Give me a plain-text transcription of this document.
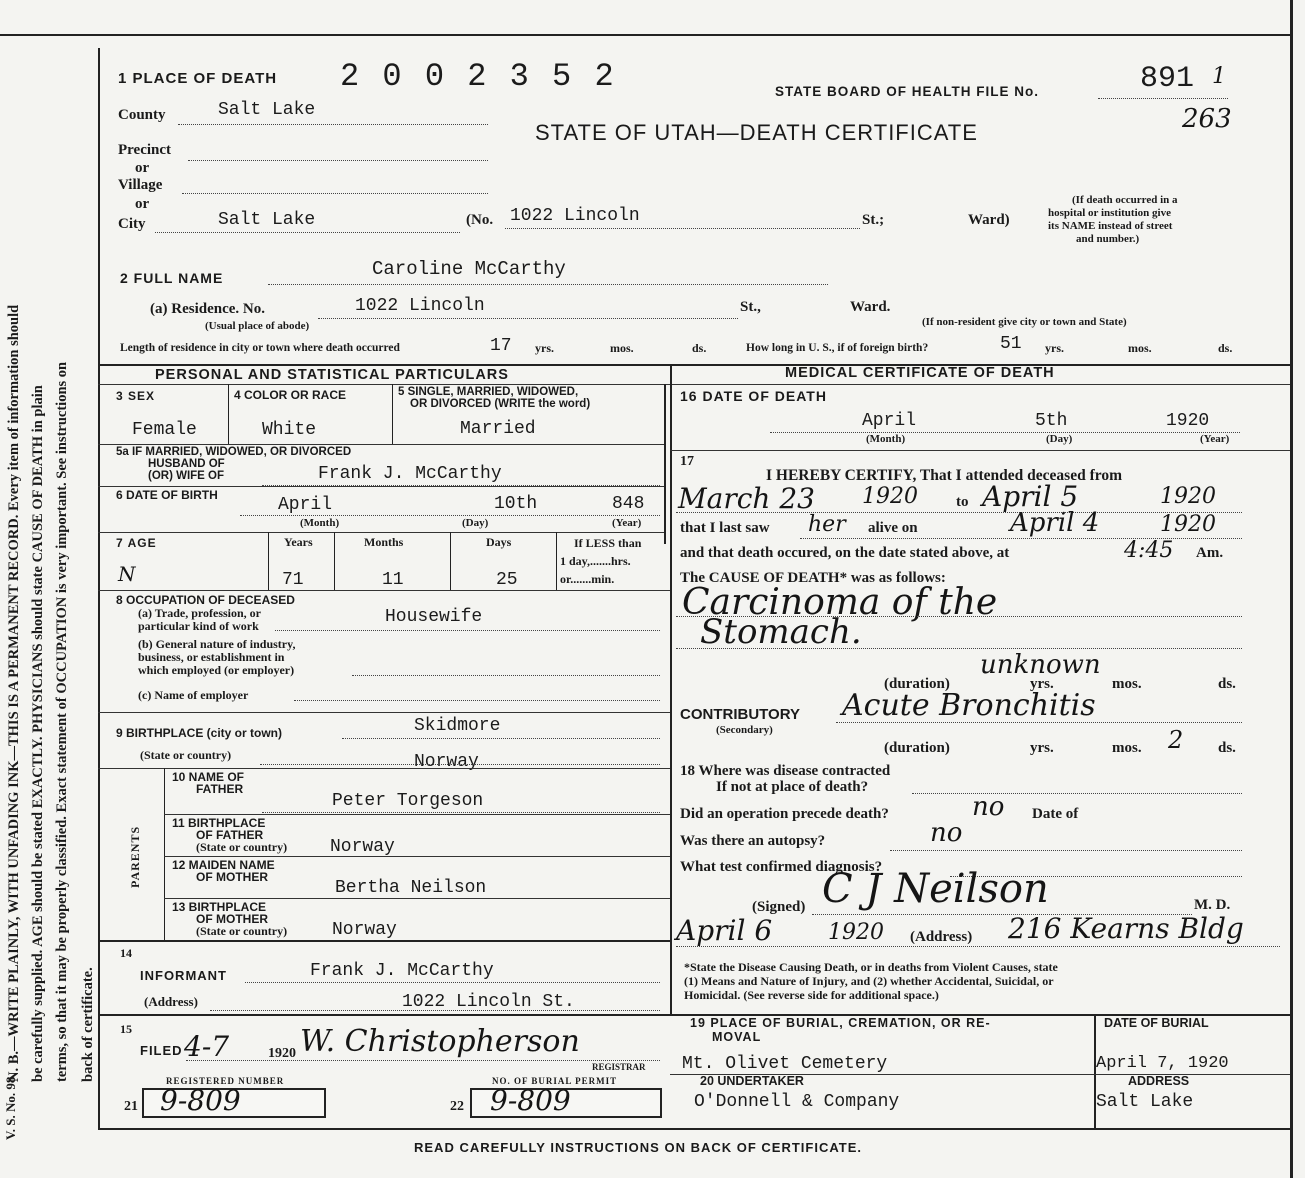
V. S. No. 98
N. B.—WRITE PLAINLY, WITH UNFADING INK—THIS IS A PERMANENT RECORD. Every item of information should be carefully supplied. AGE should be stated EXACTLY. PHYSICIANS should state CAUSE OF DEATH in plain terms, so that it may be properly classified. Exact statement of OCCUPATION is very important. See instructions on back of certificate.
1 PLACE OF DEATH 2 0 0 2 3 5 2	STATE BOARD OF HEALTH FILE No.	891 1
263
STATE OF UTAH—DEATH CERTIFICATE
County	Salt Lake
Precinct
or
Village
or
City	Salt Lake	(No. 1022 Lincoln	St.;	Ward)
(If death occurred in a
hospital or institution give
its NAME instead of street
and number.)
2 FULL NAME	Caroline McCarthy
(a) Residence. No.	1022 Lincoln	St.,	Ward.
(Usual place of abode)	(If non-resident give city or town and State)
Length of residence in city or town where death occurred	17 yrs.	mos.	ds.	How long in U. S., if of foreign birth?	51 yrs.	mos.	ds.
PERSONAL AND STATISTICAL PARTICULARS	MEDICAL CERTIFICATE OF DEATH
3 SEX	4 COLOR OR RACE	5 SINGLE, MARRIED, WIDOWED,
OR DIVORCED (WRITE the word)
Female	White	Married
5a IF MARRIED, WIDOWED, OR DIVORCED
HUSBAND OF
(OR) WIFE OF	Frank J. McCarthy
6 DATE OF BIRTH	April	10th	848
(Month)	(Day)	(Year)
7 AGE	Years	Months	Days	If LESS than
1 day,.......hrs.
or.......min.
N	71	11	25
8 OCCUPATION OF DECEASED
(a) Trade, profession, or
particular kind of work	Housewife
(b) General nature of industry,
business, or establishment in
which employed (or employer)
(c) Name of employer
9 BIRTHPLACE (city or town)	Skidmore
(State or country)	Norway
PARENTS
10 NAME OF
FATHER
Peter Torgeson
11 BIRTHPLACE
OF FATHER
(State or country) Norway
12 MAIDEN NAME
OF MOTHER
Bertha Neilson
13 BIRTHPLACE
OF MOTHER
(State or country) Norway
14
INFORMANT	Frank J. McCarthy
(Address)	1022 Lincoln St.
15
FILED 4-7	1920 W. Christopherson
REGISTRAR
REGISTERED NUMBER	NO. OF BURIAL PERMIT
21 9-809	22 9-809
16 DATE OF DEATH
April	5th	1920
(Month)	(Day)	(Year)
17
I HEREBY CERTIFY, That I attended deceased from
March 23 1920	to April 5	1920
that I last saw her alive on	April 4	1920
and that death occured, on the date stated above, at	4:45 Am.
The CAUSE OF DEATH* was as follows:
Carcinoma of the
Stomach.
unknown
(duration)	yrs.	mos.	ds.
CONTRIBUTORY Acute Bronchitis
(Secondary)
(duration)	yrs.	mos. 2 ds.
18 Where was disease contracted
If not at place of death?
Did an operation precede death?	no Date of
Was there an autopsy?	no
What test confirmed diagnosis?
(Signed) C J Neilson	M. D.
April 6	1920 (Address) 216 Kearns Bldg
*State the Disease Causing Death, or in deaths from Violent Causes, state
(1) Means and Nature of Injury, and (2) whether Accidental, Suicidal, or
Homicidal. (See reverse side for additional space.)
19 PLACE OF BURIAL, CREMATION, OR RE-
MOVAL
Mt. Olivet Cemetery
DATE OF BURIAL
April 7, 1920
20 UNDERTAKER
O'Donnell & Company
ADDRESS
Salt Lake
READ CAREFULLY INSTRUCTIONS ON BACK OF CERTIFICATE.
